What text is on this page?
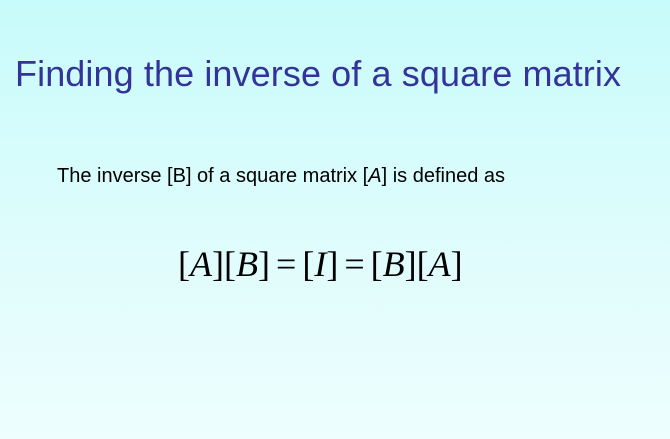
Finding the inverse of a square matrix

The inverse [B] of a square matrix [A] is defined as

[A][B] = [I] = [B][A]
